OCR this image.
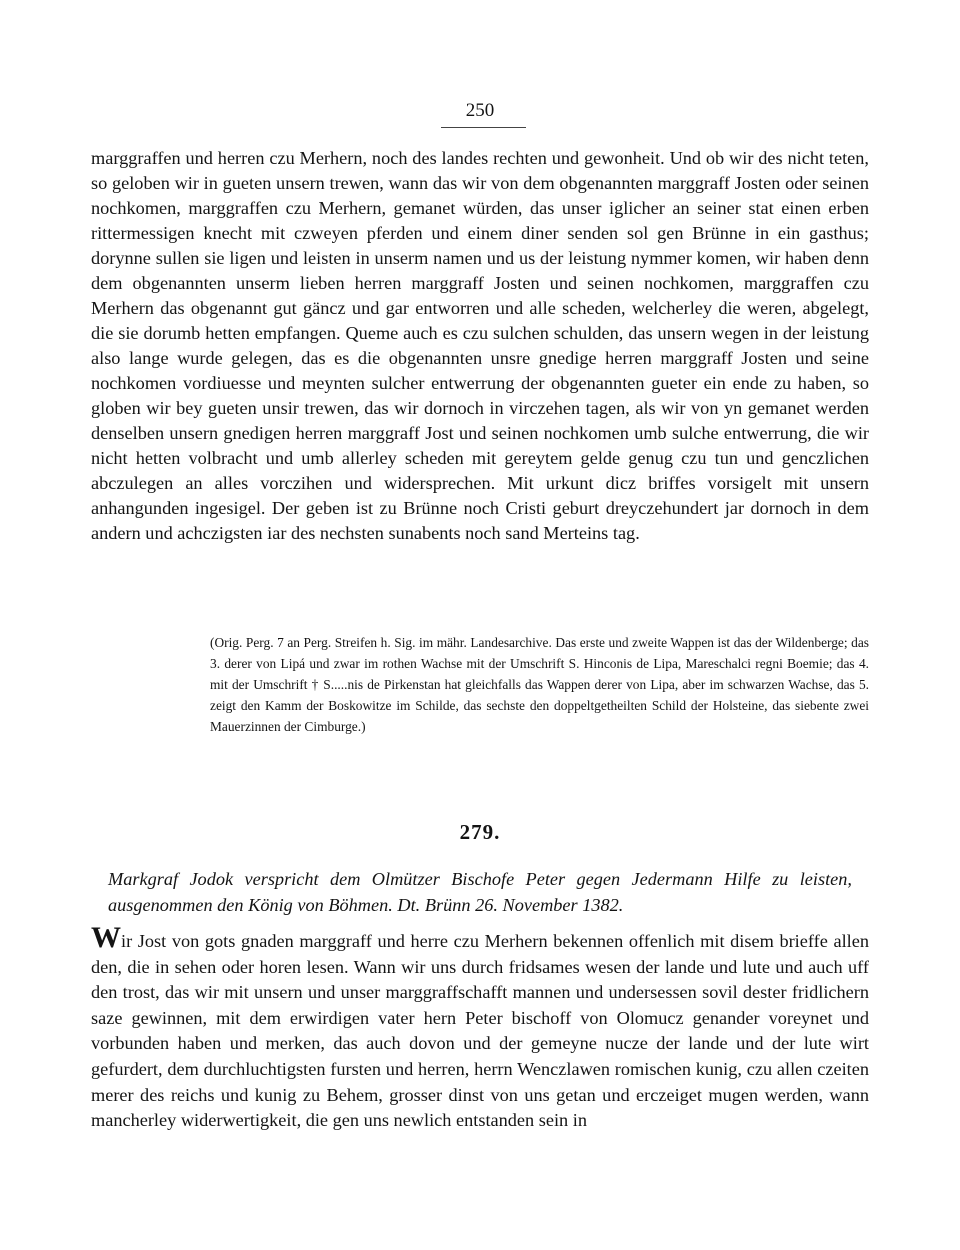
250

marggraffen und herren czu Merhern, noch des landes rechten und gewonheit. Und ob wir des nicht teten, so geloben wir in gueten unsern trewen, wann das wir von dem obgenannten marggraff Josten oder seinen nochkomen, marggraffen czu Merhern, gemanet würden, das unser iglicher an seiner stat einen erben rittermessigen knecht mit czweyen pferden und einem diner senden sol gen Brünne in ein gasthus; dorynne sullen sie ligen und leisten in unserm namen und us der leistung nymmer komen, wir haben denn dem obgenannten unserm lieben herren marggraff Josten und seinen nochkomen, marggraffen czu Merhern das obgenannt gut gäncz und gar entworren und alle scheden, welcherley die weren, abgelegt, die sie dorumb hetten empfangen. Queme auch es czu sulchen schulden, das unsern wegen in der leistung also lange wurde gelegen, das es die obgenannten unsre gnedige herren marggraff Josten und seine nochkomen vordiuesse und meynten sulcher entwerrung der obgenannten gueter ein ende zu haben, so globen wir bey gueten unsir trewen, das wir dornoch in virczehen tagen, als wir von yn gemanet werden denselben unsern gnedigen herren marggraff Jost und seinen nochkomen umb sulche entwerrung, die wir nicht hetten volbracht und umb allerley scheden mit gereytem gelde genug czu tun und genczlichen abczulegen an alles vorczihen und widersprechen. Mit urkunt dicz briffes vorsigelt mit unsern anhangunden ingesigel. Der geben ist zu Brünne noch Cristi geburt dreyczehundert jar dornoch in dem andern und achczigsten iar des nechsten sunabents noch sand Merteins tag.

(Orig. Perg. 7 an Perg. Streifen h. Sig. im mähr. Landesarchive. Das erste und zweite Wappen ist das der Wildenberge; das 3. derer von Lipá und zwar im rothen Wachse mit der Umschrift S. Hinconis de Lipa, Mareschalci regni Boemie; das 4. mit der Umschrift † S.....nis de Pirkenstan hat gleichfalls das Wappen derer von Lipa, aber im schwarzen Wachse, das 5. zeigt den Kamm der Boskowitze im Schilde, das sechste den doppeltgetheilten Schild der Holsteine, das siebente zwei Mauerzinnen der Cimburge.)

279.

Markgraf Jodok verspricht dem Olmützer Bischofe Peter gegen Jedermann Hilfe zu leisten, ausgenommen den König von Böhmen. Dt. Brünn 26. November 1382.

Wir Jost von gots gnaden marggraff und herre czu Merhern bekennen offenlich mit disem brieffe allen den, die in sehen oder horen lesen. Wann wir uns durch fridsames wesen der lande und lute und auch uff den trost, das wir mit unsern und unser marggraffschafft mannen und undersessen sovil dester fridlichern saze gewinnen, mit dem erwirdigen vater hern Peter bischoff von Olomucz genander voreynet und vorbunden haben und merken, das auch dovon und der gemeyne nucze der lande und der lute wirt gefurdert, dem durchluchtigsten fursten und herren, herrn Wenczlawen romischen kunig, czu allen czeiten merer des reichs und kunig zu Behem, grosser dinst von uns getan und erczeiget mugen werden, wann mancherley widerwertigkeit, die gen uns newlich entstanden sein in
